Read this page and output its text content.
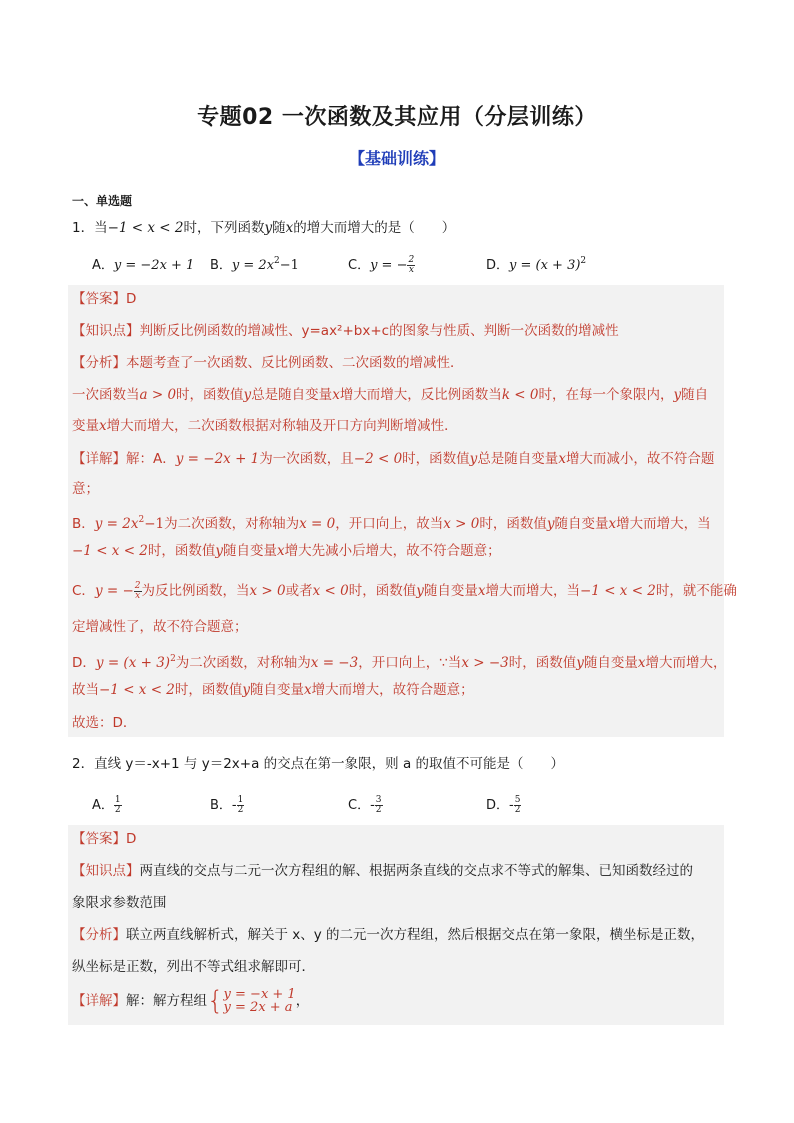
专题02 一次函数及其应用（分层训练）
【基础训练】
一、单选题
1．当−1 < x < 2时，下列函数y随x的增大而增大的是（　　）
A．y = −2x + 1 B．$y = 2x^2-1$	C．y = − $\frac{2}{x}$	D．$y = (x + 3)^2$
【答案】D
【知识点】判断反比例函数的增减性、y=ax²+bx+c的图象与性质、判断一次函数的增减性
【分析】本题考查了一次函数、反比例函数、二次函数的增减性．
一次函数当a > 0时，函数值y总是随自变量x增大而增大，反比例函数当k < 0时，在每一个象限内，y随自
变量x增大而增大，二次函数根据对称轴及开口方向判断增减性．
【详解】解：A．y = −2x + 1为一次函数，且−2 < 0时，函数值y总是随自变量x增大而减小，故不符合题
意；
B．$y = 2x^2-1$为二次函数，对称轴为x = 0，开口向上，故当x > 0时，函数值y随自变量x增大而增大，当
−1 < x < 2时，函数值y随自变量x增大先减小后增大，故不符合题意；
C．y = − $\frac{2}{x}$ 为反比例函数，当x > 0或者x < 0时，函数值y随自变量x增大而增大，当−1 < x < 2时，就不能确
定增减性了，故不符合题意；
D．$y = (x + 3)^2$为二次函数，对称轴为x = −3，开口向上，∵当x > −3时，函数值y随自变量x增大而增大，
故当−1 < x < 2时，函数值y随自变量x增大而增大，故符合题意；
故选：D．
2．直线 y＝-x+1 与 y＝2x+a 的交点在第一象限，则 a 的取值不可能是（　　）
A． $\frac{1}{2}$	B．- $\frac{1}{2}$	C．- $\frac{3}{2}$	D．- $\frac{5}{2}$
【答案】D
【知识点】两直线的交点与二元一次方程组的解、根据两条直线的交点求不等式的解集、已知函数经过的
象限求参数范围
【分析】联立两直线解析式，解关于 x、y 的二元一次方程组，然后根据交点在第一象限，横坐标是正数，
纵坐标是正数，列出不等式组求解即可．
【详解】解：解方程组{ y = −x + 1
y = 2x + a ，
